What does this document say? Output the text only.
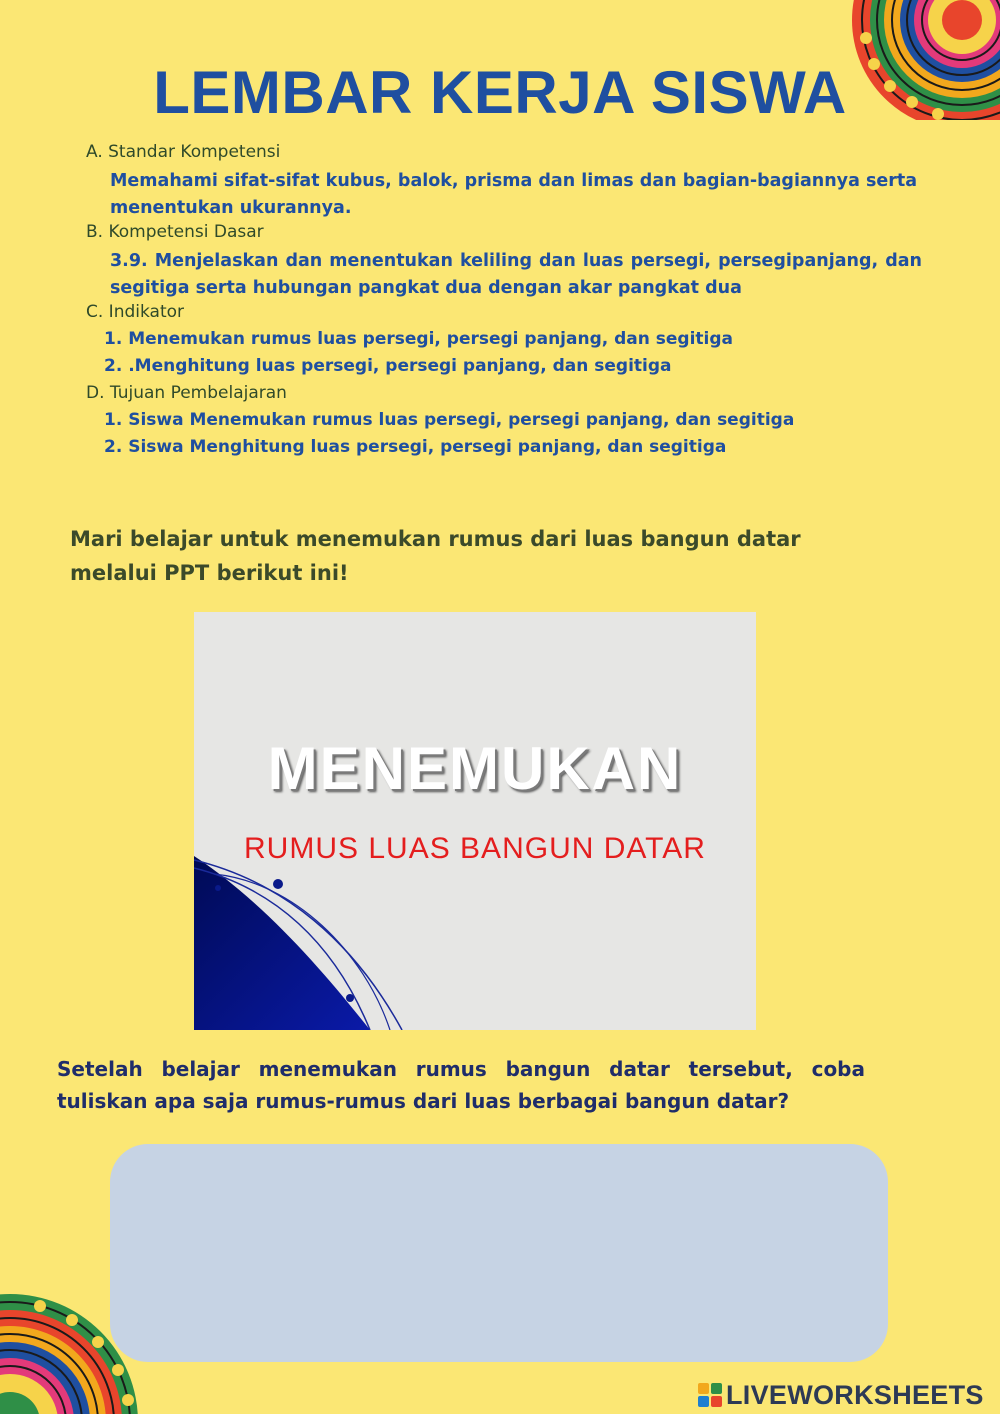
LEMBAR KERJA SISWA
A. Standar Kompetensi
Memahami sifat-sifat kubus, balok, prisma dan limas dan bagian-bagiannya serta menentukan ukurannya.
B. Kompetensi Dasar
3.9. Menjelaskan dan menentukan keliling dan luas persegi, persegipanjang, dan segitiga serta hubungan pangkat dua dengan akar pangkat dua
C. Indikator
1. Menemukan rumus luas persegi, persegi panjang, dan segitiga
2. .Menghitung luas persegi, persegi panjang, dan segitiga
D. Tujuan Pembelajaran
1. Siswa Menemukan rumus luas persegi, persegi panjang, dan segitiga
2. Siswa Menghitung luas persegi, persegi panjang, dan segitiga
Mari belajar untuk menemukan rumus dari luas bangun datar melalui PPT berikut ini!
MENEMUKAN
RUMUS LUAS BANGUN DATAR
Setelah belajar menemukan rumus bangun datar tersebut, coba tuliskan apa saja rumus-rumus dari luas berbagai bangun datar?
LIVEWORKSHEETS
